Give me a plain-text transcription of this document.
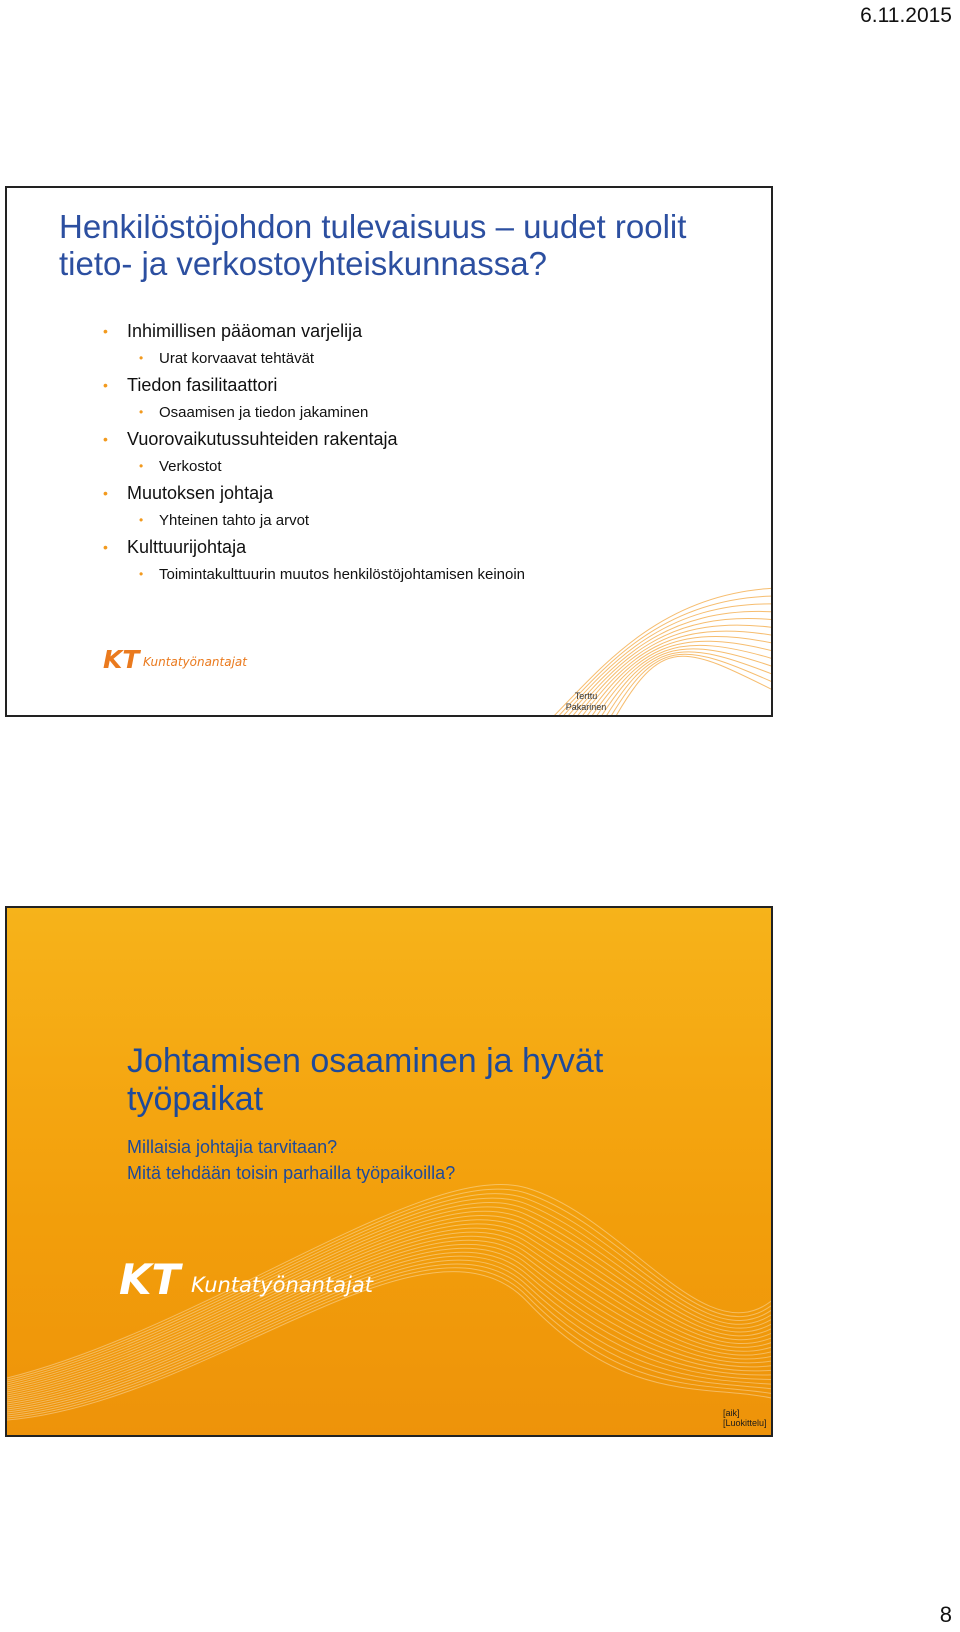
6.11.2015
Henkilöstöjohdon tulevaisuus – uudet roolit tieto- ja verkostoyhteiskunnassa?
• Inhimillisen pääoman varjelija
• Urat korvaavat tehtävät
• Tiedon fasilitaattori
• Osaamisen ja tiedon jakaminen
• Vuorovaikutussuhteiden rakentaja
• Verkostot
• Muutoksen johtaja
• Yhteinen tahto ja arvot
• Kulttuurijohtaja
• Toimintakulttuurin muutos henkilöstöjohtamisen keinoin
KT Kuntatyönantajat
Terttu Pakarinen
Johtamisen osaaminen ja hyvät työpaikat
Millaisia johtajia tarvitaan?
Mitä tehdään toisin parhailla työpaikoilla?
KT Kuntatyönantajat
[aik][Luokittelu]
8
